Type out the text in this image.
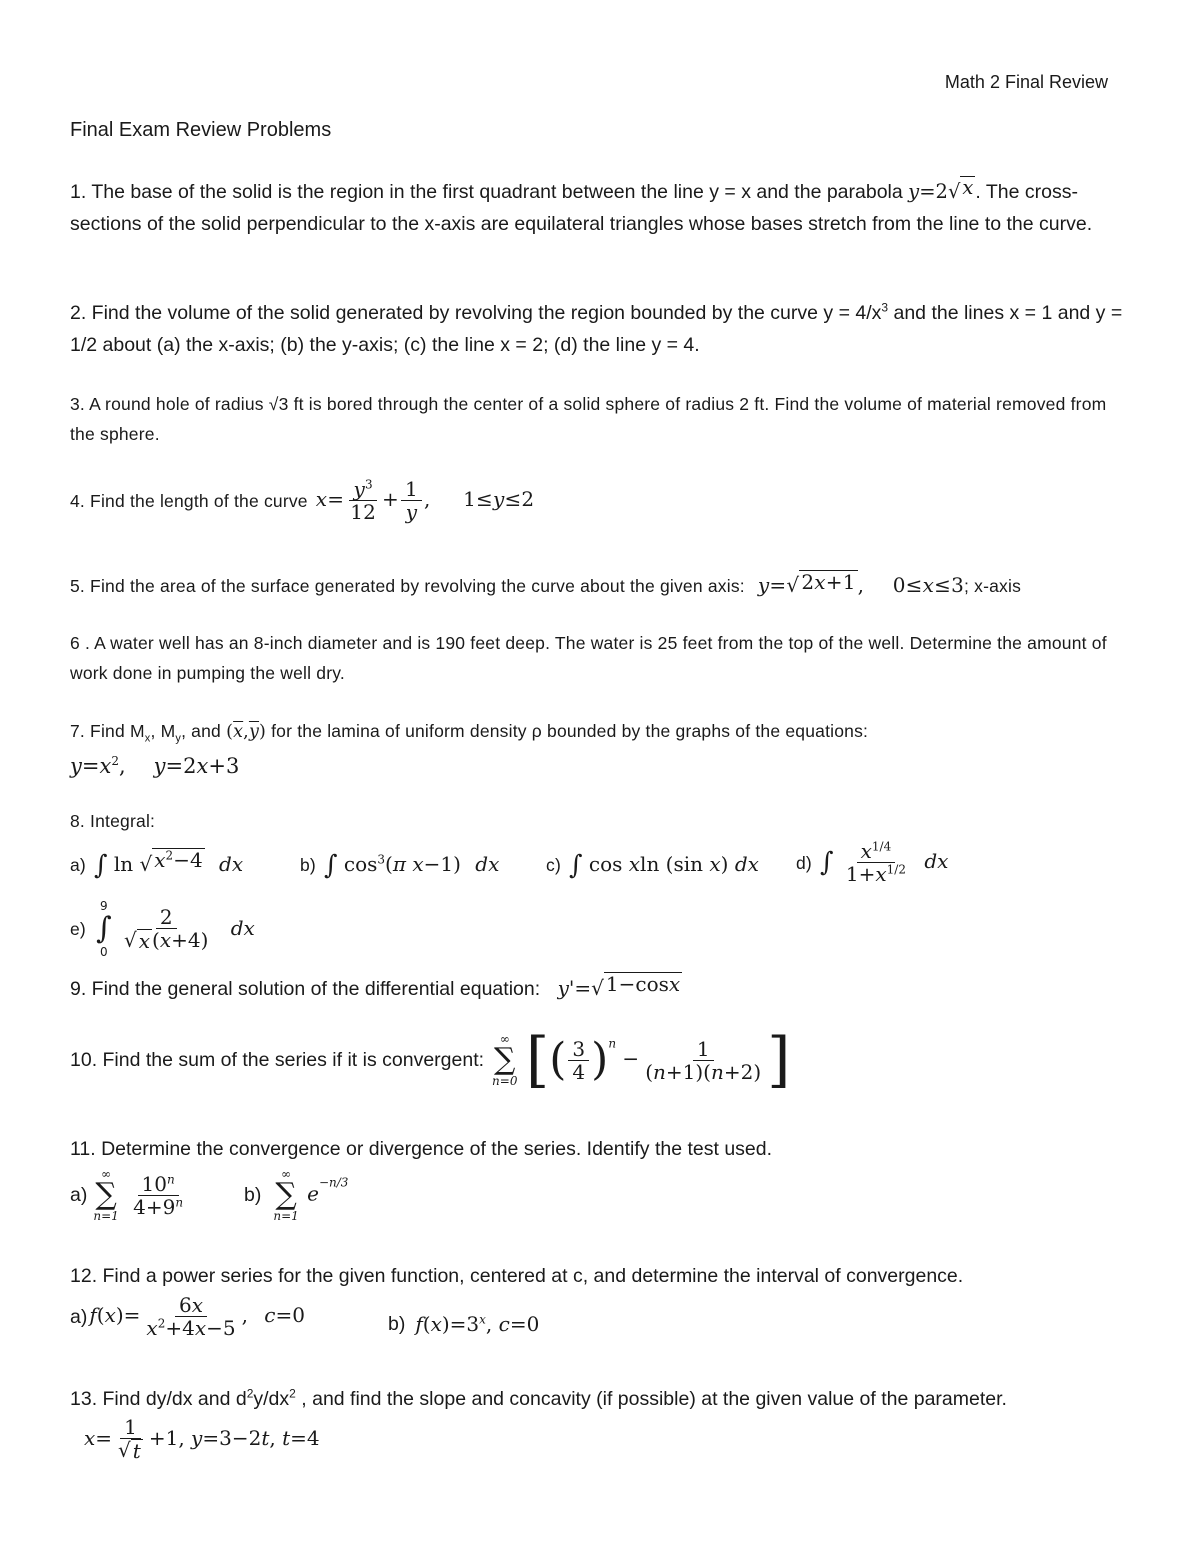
Math 2 Final Review
Final Exam Review Problems
1. The base of the solid is the region in the first quadrant between the line y = x and the parabola y=2 √ x . The cross-sections of the solid perpendicular to the x-axis are equilateral triangles whose bases stretch from the line to the curve.
2. Find the volume of the solid generated by revolving the region bounded by the curve $y = 4/x^3$ and the lines x = 1 and y = 1/2 about (a) the x-axis; (b) the y-axis; (c) the line x = 2; (d) the line y = 4.
3. A round hole of radius √3 ft is bored through the center of a solid sphere of radius 2 ft. Find the volume of material removed from the sphere.
4. Find the length of the curve $x= \frac{y^3}{12} + \frac{1}{y}$ , 1≤y≤2
5. Find the area of the surface generated by revolving the curve about the given axis: y= √ 2x+1 , 0≤x≤3; x-axis
6 . A water well has an 8-inch diameter and is 190 feet deep. The water is 25 feet from the top of the well. Determine the amount of work done in pumping the well dry.
7. Find $M_x$, $M_y$, and $(\overline{x},\overline{y})$ for the lamina of uniform density ρ bounded by the graphs of the equations:
$y=x^2$, y=2x+3
8. Integral:
a) ∫ ln √ $x^2-4$ dx	b) ∫ $\cos^3(\pi$ x−1) dx	c) ∫ cos xln (sin x) dx d) ∫ $\frac{x^{1/4}}{1+x^{1/2}}$ dx
e)
9
∫
0
$\frac{2}{√ x (x+4)}$ dx
9. Find the general solution of the differential equation: y'= √ 1−cosx
10. Find the sum of the series if it is convergent:
∞
∑
n=0 [( $\frac{3}{4} )^n - \frac{1}{(n+1)(n+2)}$ ]
11. Determine the convergence or divergence of the series. Identify the test used.
a)
∞
∑
n=1
$\frac{10^n}{4+9^n}$	b)
∞
∑
n=1
$e^{-n/3}$
12. Find a power series for the given function, centered at c, and determine the interval of convergence.
a) $f(x)= \frac{6x}{x^2+4x-5}$ , c=0	b) $f(x)=3^x$, c=0
13. Find dy/dx and $d^2y/dx^2$ , and find the slope and concavity (if possible) at the given value of the parameter.
$x= \frac{1}{√ t} +1$, y=3−2t, t=4
